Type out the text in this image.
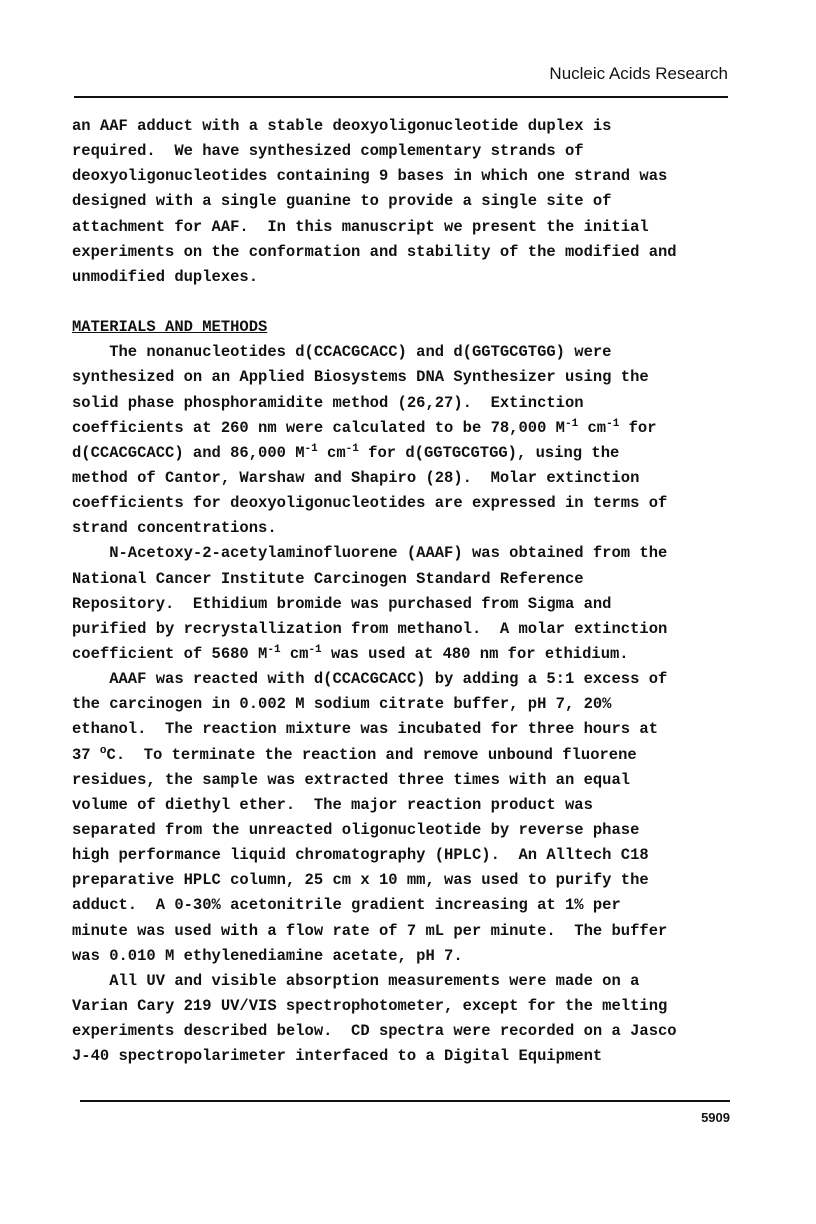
Nucleic Acids Research
an AAF adduct with a stable deoxyoligonucleotide duplex is
required.  We have synthesized complementary strands of
deoxyoligonucleotides containing 9 bases in which one strand was
designed with a single guanine to provide a single site of
attachment for AAF.  In this manuscript we present the initial
experiments on the conformation and stability of the modified and
unmodified duplexes.
MATERIALS AND METHODS
The nonanucleotides d(CCACGCACC) and d(GGTGCGTGG) were
synthesized on an Applied Biosystems DNA Synthesizer using the
solid phase phosphoramidite method (26,27).  Extinction
coefficients at 260 nm were calculated to be 78,000 $M^{-1}$ $cm^{-1}$ for
d(CCACGCACC) and 86,000 $M^{-1}$ $cm^{-1}$ for d(GGTGCGTGG), using the
method of Cantor, Warshaw and Shapiro (28).  Molar extinction
coefficients for deoxyoligonucleotides are expressed in terms of
strand concentrations.
N-Acetoxy-2-acetylaminofluorene (AAAF) was obtained from the
National Cancer Institute Carcinogen Standard Reference
Repository.  Ethidium bromide was purchased from Sigma and
purified by recrystallization from methanol.  A molar extinction
coefficient of 5680 $M^{-1}$ $cm^{-1}$ was used at 480 nm for ethidium.
AAAF was reacted with d(CCACGCACC) by adding a 5:1 excess of
the carcinogen in 0.002 M sodium citrate buffer, pH 7, 20%
ethanol.  The reaction mixture was incubated for three hours at
37 $^o$C.  To terminate the reaction and remove unbound fluorene
residues, the sample was extracted three times with an equal
volume of diethyl ether.  The major reaction product was
separated from the unreacted oligonucleotide by reverse phase
high performance liquid chromatography (HPLC).  An Alltech C18
preparative HPLC column, 25 cm x 10 mm, was used to purify the
adduct.  A 0-30% acetonitrile gradient increasing at 1% per
minute was used with a flow rate of 7 mL per minute.  The buffer
was 0.010 M ethylenediamine acetate, pH 7.
All UV and visible absorption measurements were made on a
Varian Cary 219 UV/VIS spectrophotometer, except for the melting
experiments described below.  CD spectra were recorded on a Jasco
J-40 spectropolarimeter interfaced to a Digital Equipment
5909
